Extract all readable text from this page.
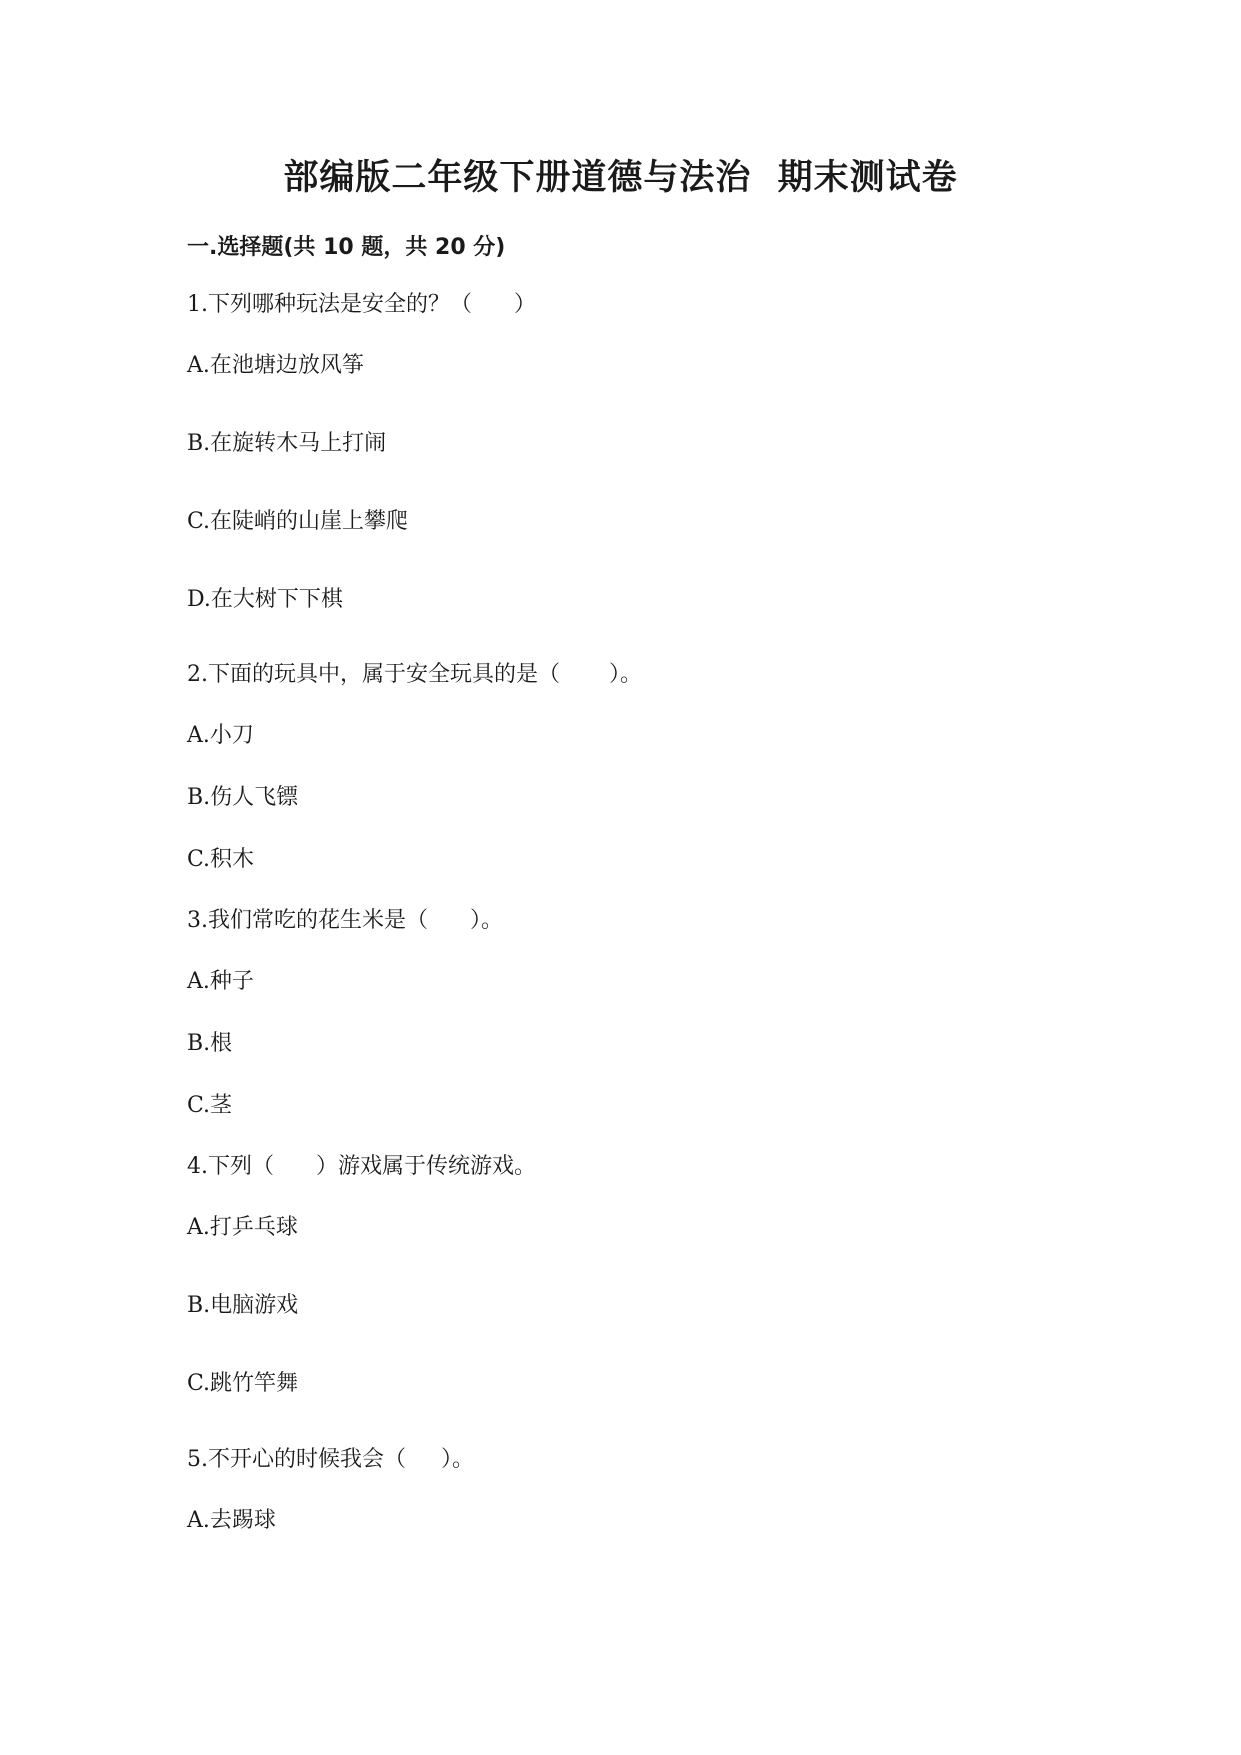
部编版二年级下册道德与法治  期末测试卷
一.选择题(共 10 题，共 20 分)
1.下列哪种玩法是安全的？（      ）
A.在池塘边放风筝
B.在旋转木马上打闹
C.在陡峭的山崖上攀爬
D.在大树下下棋
2.下面的玩具中，属于安全玩具的是（       ）。
A.小刀
B.伤人飞镖
C.积木
3.我们常吃的花生米是（      ）。
A.种子
B.根
C.茎
4.下列（      ）游戏属于传统游戏。
A.打乒乓球
B.电脑游戏
C.跳竹竿舞
5.不开心的时候我会（     ）。
A.去踢球
